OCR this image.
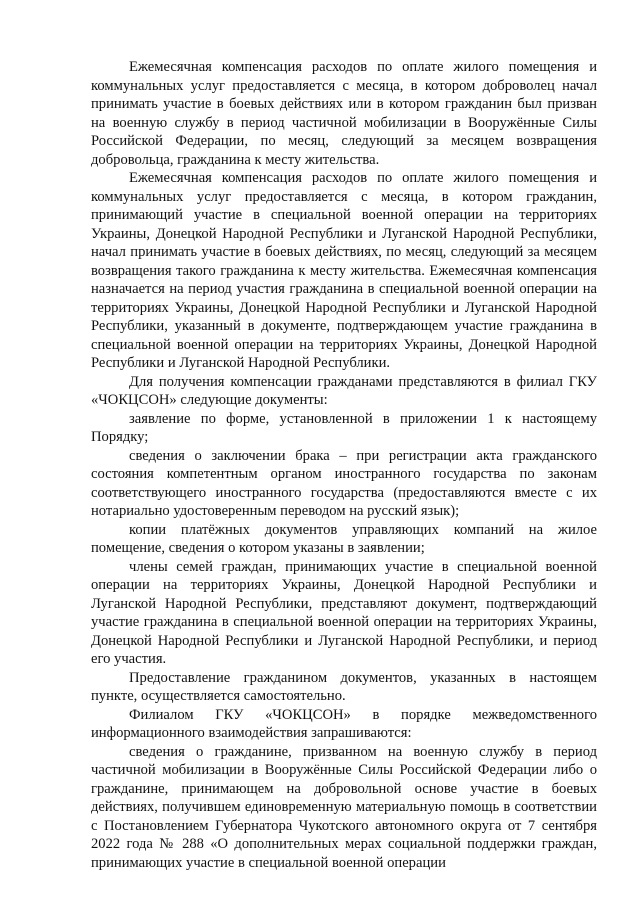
Ежемесячная компенсация расходов по оплате жилого помещения и коммунальных услуг предоставляется с месяца, в котором доброволец начал принимать участие в боевых действиях или в котором гражданин был призван на военную службу в период частичной мобилизации в Вооружённые Силы Российской Федерации, по месяц, следующий за месяцем возвращения добровольца, гражданина к месту жительства.

Ежемесячная компенсация расходов по оплате жилого помещения и коммунальных услуг предоставляется с месяца, в котором гражданин, принимающий участие в специальной военной операции на территориях Украины, Донецкой Народной Республики и Луганской Народной Республики, начал принимать участие в боевых действиях, по месяц, следующий за месяцем возвращения такого гражданина к месту жительства. Ежемесячная компенсация назначается на период участия гражданина в специальной военной операции на территориях Украины, Донецкой Народной Республики и Луганской Народной Республики, указанный в документе, подтверждающем участие гражданина в специальной военной операции на территориях Украины, Донецкой Народной Республики и Луганской Народной Республики.

Для получения компенсации гражданами представляются в филиал ГКУ «ЧОКЦСОН» следующие документы:

заявление по форме, установленной в приложении 1 к настоящему Порядку;

сведения о заключении брака – при регистрации акта гражданского состояния компетентным органом иностранного государства по законам соответствующего иностранного государства (предоставляются вместе с их нотариально удостоверенным переводом на русский язык);

копии платёжных документов управляющих компаний на жилое помещение, сведения о котором указаны в заявлении;

члены семей граждан, принимающих участие в специальной военной операции на территориях Украины, Донецкой Народной Республики и Луганской Народной Республики, представляют документ, подтверждающий участие гражданина в специальной военной операции на территориях Украины, Донецкой Народной Республики и Луганской Народной Республики, и период его участия.

Предоставление гражданином документов, указанных в настоящем пункте, осуществляется самостоятельно.

Филиалом ГКУ «ЧОКЦСОН» в порядке межведомственного информационного взаимодействия запрашиваются:

сведения о гражданине, призванном на военную службу в период частичной мобилизации в Вооружённые Силы Российской Федерации либо о гражданине, принимающем на добровольной основе участие в боевых действиях, получившем единовременную материальную помощь в соответствии с Постановлением Губернатора Чукотского автономного округа от 7 сентября 2022 года № 288 «О дополнительных мерах социальной поддержки граждан, принимающих участие в специальной военной операции
